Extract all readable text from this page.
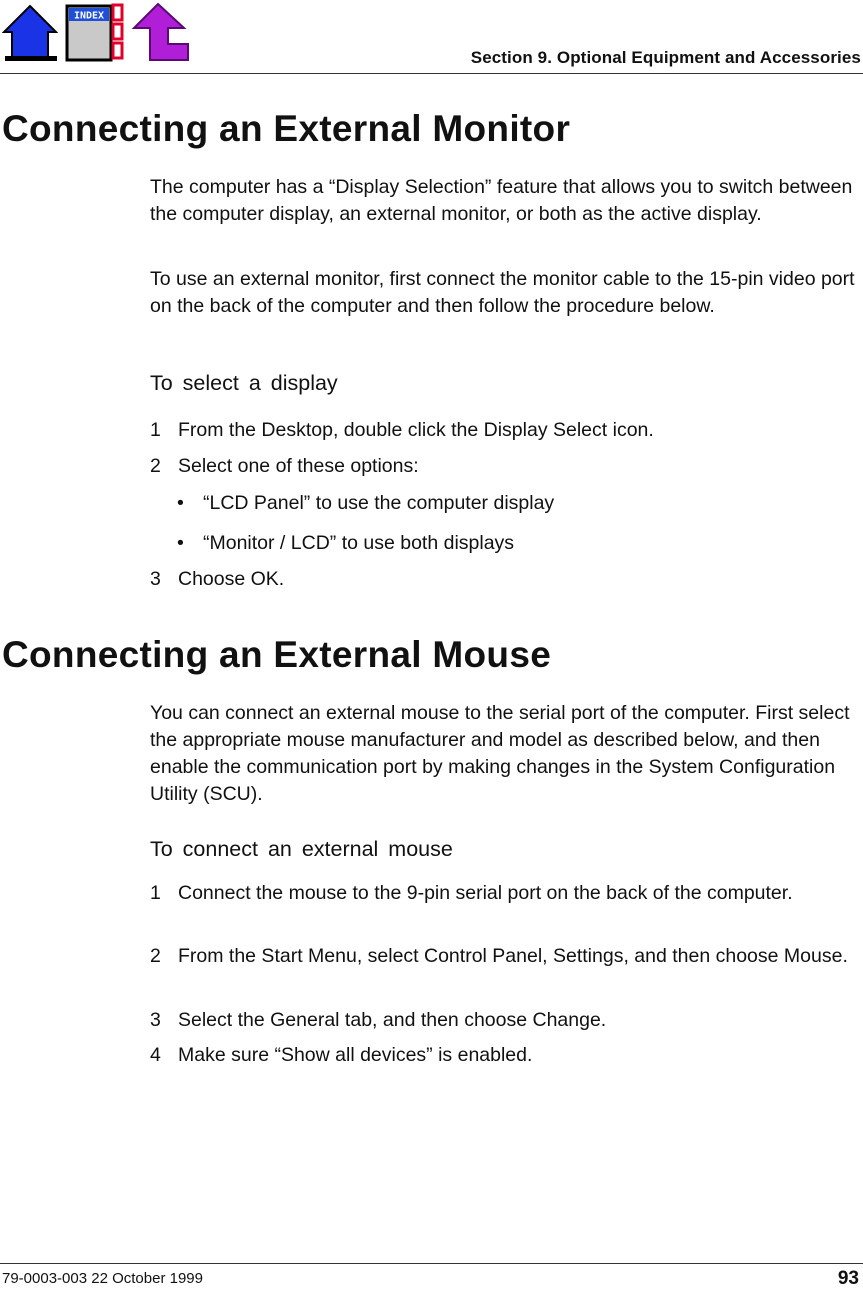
INDEX
Section 9. Optional Equipment and Accessories
Connecting an External Monitor

The computer has a “Display Selection” feature that allows you to switch between the computer display, an external monitor, or both as the active display.

To use an external monitor, first connect the monitor cable to the 15-pin video port on the back of the computer and then follow the procedure below.

To select a display
1 From the Desktop, double click the Display Select icon.
2 Select one of these options:
• “LCD Panel” to use the computer display
• “Monitor / LCD” to use both displays
3 Choose OK.
Connecting an External Mouse

You can connect an external mouse to the serial port of the computer. First select the appropriate mouse manufacturer and model as described below, and then enable the communication port by making changes in the System Configuration Utility (SCU).

To connect an external mouse
1 Connect the mouse to the 9-pin serial port on the back of the computer.
2 From the Start Menu, select Control Panel, Settings, and then choose Mouse.
3 Select the General tab, and then choose Change.
4 Make sure “Show all devices” is enabled.
79-0003-003 22 October 1999	93
